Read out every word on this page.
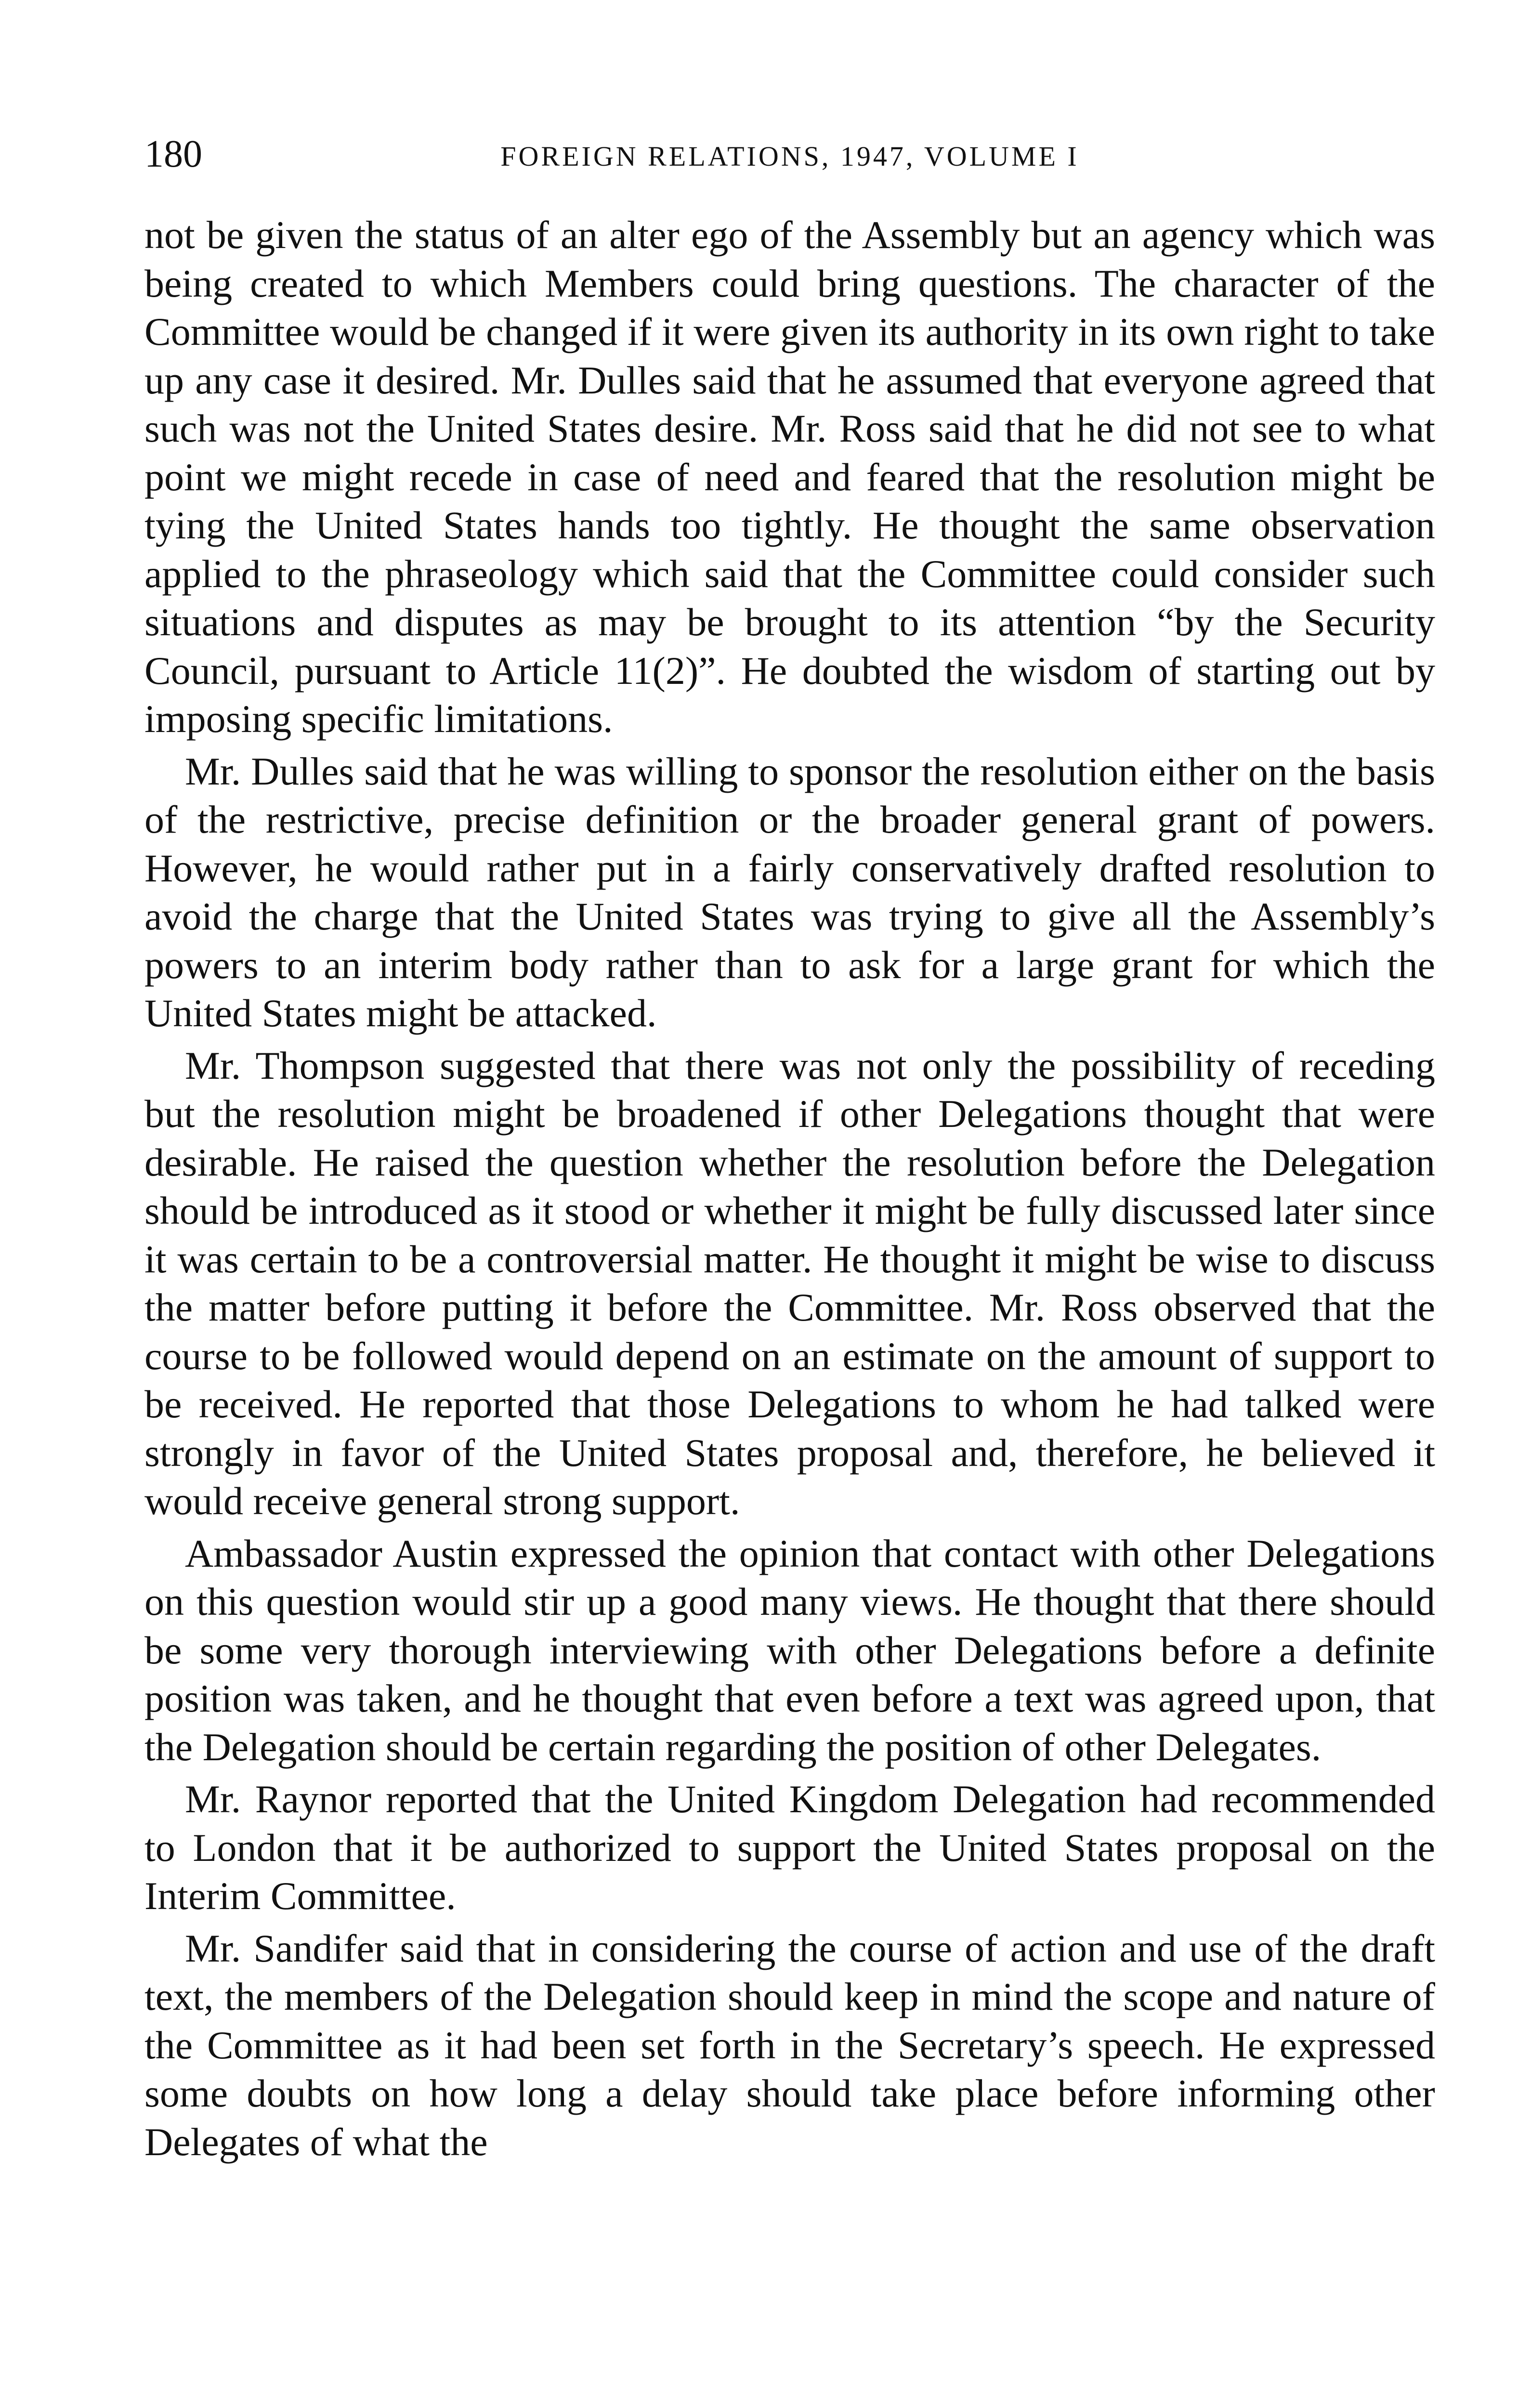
180	FOREIGN RELATIONS, 1947, VOLUME I

not be given the status of an alter ego of the Assembly but an agency which was being created to which Members could bring questions. The character of the Committee would be changed if it were given its authority in its own right to take up any case it desired. Mr. Dulles said that he assumed that everyone agreed that such was not the United States desire. Mr. Ross said that he did not see to what point we might recede in case of need and feared that the resolution might be tying the United States hands too tightly. He thought the same observation applied to the phraseology which said that the Committee could consider such situations and disputes as may be brought to its attention “by the Security Council, pursuant to Article 11(2)”. He doubted the wisdom of starting out by imposing specific limitations.

Mr. Dulles said that he was willing to sponsor the resolution either on the basis of the restrictive, precise definition or the broader general grant of powers. However, he would rather put in a fairly conservatively drafted resolution to avoid the charge that the United States was trying to give all the Assembly’s powers to an interim body rather than to ask for a large grant for which the United States might be attacked.

Mr. Thompson suggested that there was not only the possibility of receding but the resolution might be broadened if other Delegations thought that were desirable. He raised the question whether the resolution before the Delegation should be introduced as it stood or whether it might be fully discussed later since it was certain to be a controversial matter. He thought it might be wise to discuss the matter before putting it before the Committee. Mr. Ross observed that the course to be followed would depend on an estimate on the amount of support to be received. He reported that those Delegations to whom he had talked were strongly in favor of the United States proposal and, therefore, he believed it would receive general strong support.

Ambassador Austin expressed the opinion that contact with other Delegations on this question would stir up a good many views. He thought that there should be some very thorough interviewing with other Delegations before a definite position was taken, and he thought that even before a text was agreed upon, that the Delegation should be certain regarding the position of other Delegates.

Mr. Raynor reported that the United Kingdom Delegation had recommended to London that it be authorized to support the United States proposal on the Interim Committee.

Mr. Sandifer said that in considering the course of action and use of the draft text, the members of the Delegation should keep in mind the scope and nature of the Committee as it had been set forth in the Secretary’s speech. He expressed some doubts on how long a delay should take place before informing other Delegates of what the
